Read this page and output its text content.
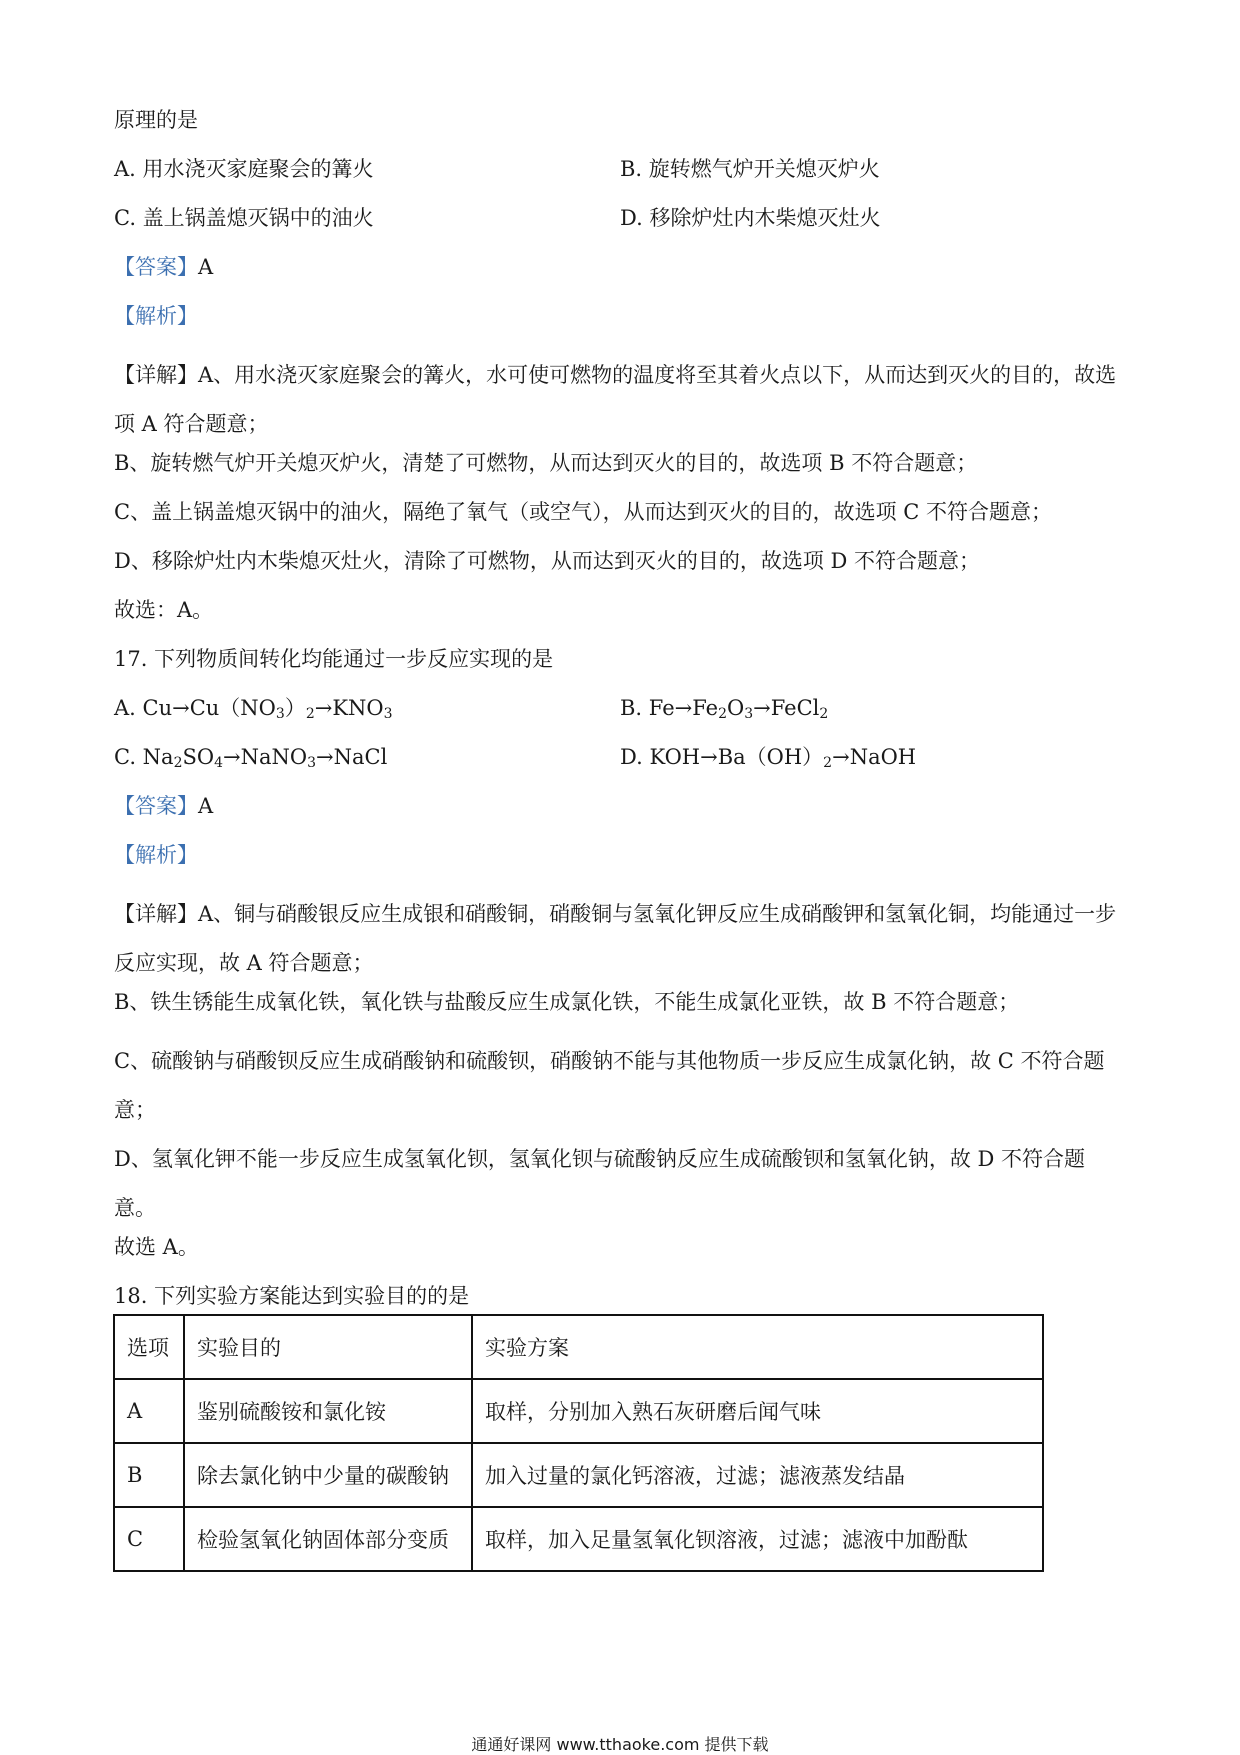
原理的是
A. 用水浇灭家庭聚会的篝火	B. 旋转燃气炉开关熄灭炉火
C. 盖上锅盖熄灭锅中的油火	D. 移除炉灶内木柴熄灭灶火
【答案】A
【解析】
【详解】A、用水浇灭家庭聚会的篝火，水可使可燃物的温度将至其着火点以下，从而达到灭火的目的，故选项 A 符合题意；
B、旋转燃气炉开关熄灭炉火，清楚了可燃物，从而达到灭火的目的，故选项 B 不符合题意；
C、盖上锅盖熄灭锅中的油火，隔绝了氧气（或空气），从而达到灭火的目的，故选项 C 不符合题意；
D、移除炉灶内木柴熄灭灶火，清除了可燃物，从而达到灭火的目的，故选项 D 不符合题意；
故选：A。
17. 下列物质间转化均能通过一步反应实现的是
A. $Cu\to Cu(NO_3)_2\to KNO_3$	B. $Fe\to Fe_2O_3\to FeCl_2$
C. $Na_2SO_4\to NaNO_3\to NaCl$	D. $KOH\to Ba(OH)_2\to NaOH$
【答案】A
【解析】
【详解】A、铜与硝酸银反应生成银和硝酸铜，硝酸铜与氢氧化钾反应生成硝酸钾和氢氧化铜，均能通过一步反应实现，故 A 符合题意；
B、铁生锈能生成氧化铁，氧化铁与盐酸反应生成氯化铁，不能生成氯化亚铁，故 B 不符合题意；
C、硫酸钠与硝酸钡反应生成硝酸钠和硫酸钡，硝酸钠不能与其他物质一步反应生成氯化钠，故 C 不符合题意；
D、氢氧化钾不能一步反应生成氢氧化钡，氢氧化钡与硫酸钠反应生成硫酸钡和氢氧化钠，故 D 不符合题意。
故选 A。
18. 下列实验方案能达到实验目的的是
选项	实验目的	实验方案
A	鉴别硫酸铵和氯化铵	取样，分别加入熟石灰研磨后闻气味
B	除去氯化钠中少量的碳酸钠	加入过量的氯化钙溶液，过滤；滤液蒸发结晶
C	检验氢氧化钠固体部分变质	取样，加入足量氢氧化钡溶液，过滤；滤液中加酚酞
通通好课网 www.tthaoke.com 提供下载
